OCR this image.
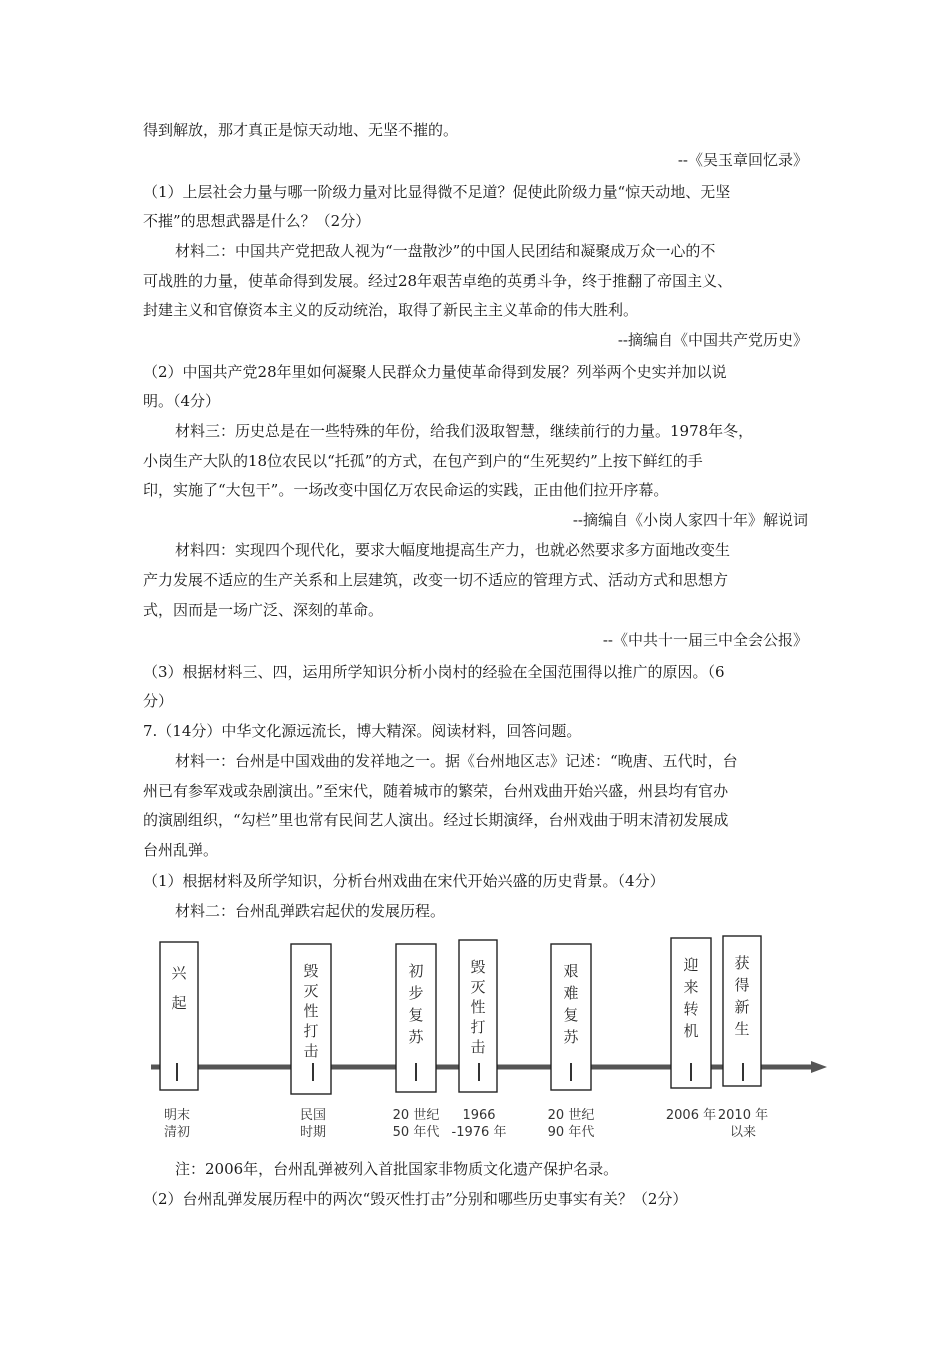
得到解放，那才真正是惊天动地、无坚不摧的。
--《吴玉章回忆录》
（1）上层社会力量与哪一阶级力量对比显得微不足道？促使此阶级力量“惊天动地、无坚
不摧”的思想武器是什么？（2分）
材料二：中国共产党把敌人视为“一盘散沙”的中国人民团结和凝聚成万众一心的不
可战胜的力量，使革命得到发展。经过28年艰苦卓绝的英勇斗争，终于推翻了帝国主义、
封建主义和官僚资本主义的反动统治，取得了新民主主义革命的伟大胜利。
--摘编自《中国共产党历史》
（2）中国共产党28年里如何凝聚人民群众力量使革命得到发展？列举两个史实并加以说
明。（4分）
材料三：历史总是在一些特殊的年份，给我们汲取智慧，继续前行的力量。1978年冬，
小岗生产大队的18位农民以“托孤”的方式，在包产到户的“生死契约”上按下鲜红的手
印，实施了“大包干”。一场改变中国亿万农民命运的实践，正由他们拉开序幕。
--摘编自《小岗人家四十年》解说词
材料四：实现四个现代化，要求大幅度地提高生产力，也就必然要求多方面地改变生
产力发展不适应的生产关系和上层建筑，改变一切不适应的管理方式、活动方式和思想方
式，因而是一场广泛、深刻的革命。
--《中共十一届三中全会公报》
（3）根据材料三、四，运用所学知识分析小岗村的经验在全国范围得以推广的原因。（6
分）
7.（14分）中华文化源远流长，博大精深。阅读材料，回答问题。
材料一：台州是中国戏曲的发祥地之一。据《台州地区志》记述：“晚唐、五代时，台
州已有参军戏或杂剧演出。”至宋代，随着城市的繁荣，台州戏曲开始兴盛，州县均有官办
的演剧组织，“勾栏”里也常有民间艺人演出。经过长期演绎，台州戏曲于明末清初发展成
台州乱弹。
（1）根据材料及所学知识，分析台州戏曲在宋代开始兴盛的历史背景。（4分）
材料二：台州乱弹跌宕起伏的发展历程。
兴
起
明末
清初
毁
灭
性
打
击
民国
时期
初
步
复
苏
20 世纪
50 年代
毁
灭
性
打
击
1966
-1976 年
艰
难
复
苏
20 世纪
90 年代
迎
来
转
机
2006 年
获
得
新
生
2010 年
以来
注：2006年，台州乱弹被列入首批国家非物质文化遗产保护名录。
（2）台州乱弹发展历程中的两次“毁灭性打击”分别和哪些历史事实有关？（2分）
